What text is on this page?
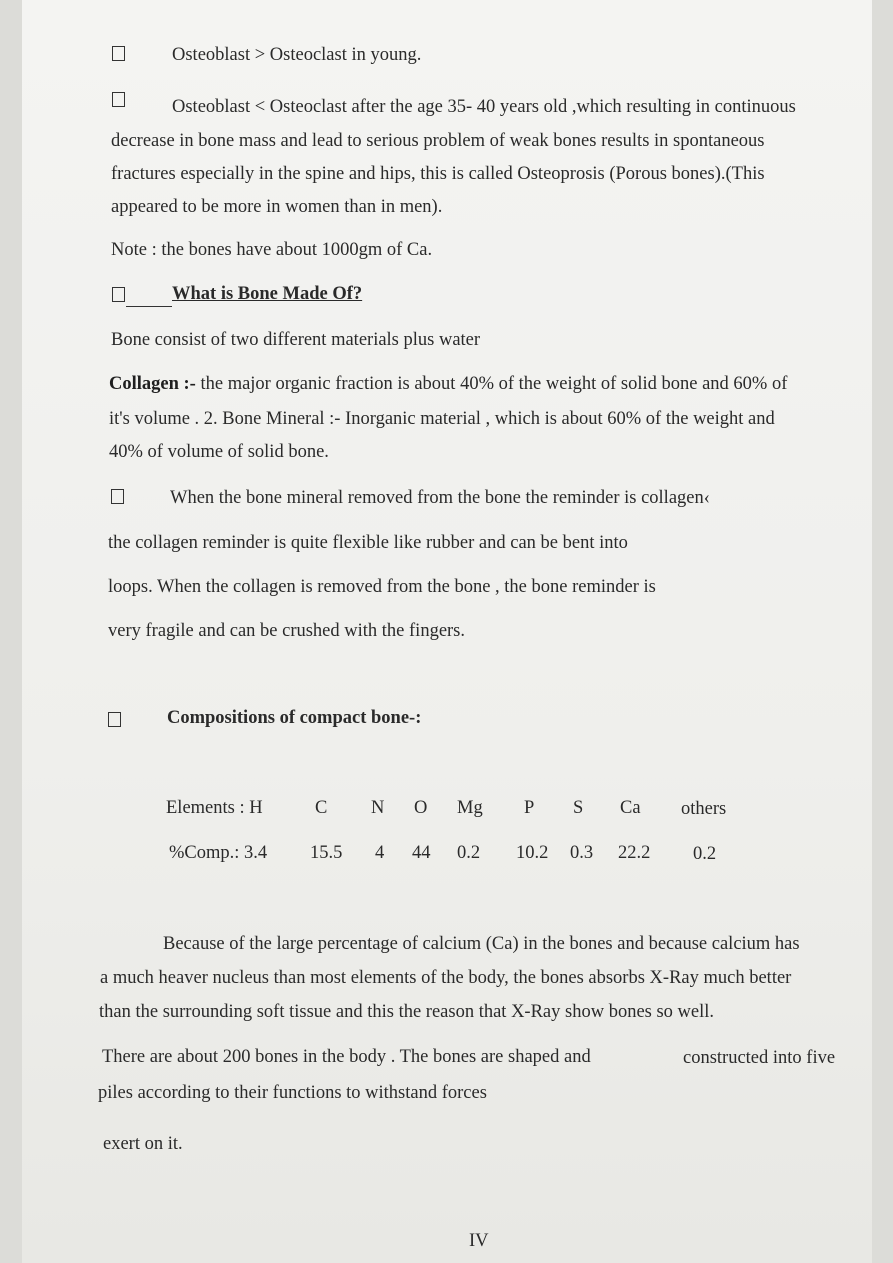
Osteoblast > Osteoclast in young.
Osteoblast < Osteoclast after the age 35- 40 years old ,which resulting in continuous
decrease in bone mass and lead to serious problem of weak bones results in spontaneous
fractures especially in the spine and hips, this is called Osteoprosis (Porous bones).(This
appeared to be more in women than in men).
Note : the bones have about 1000gm of Ca.
What is Bone Made Of?
Bone consist of two different materials plus water
Collagen :- the major organic fraction is about 40% of the weight of solid bone and 60% of
it's volume . 2. Bone Mineral :- Inorganic material , which is about 60% of the weight and
40% of volume of solid bone.
When the bone mineral removed from the bone the reminder is collagen‹
the collagen reminder is quite flexible like rubber and can be bent into
loops. When the collagen is removed from the bone , the bone reminder is
very fragile and can be crushed with the fingers.
Compositions of compact bone-:
Elements : H	C N O Mg P S Ca others
%Comp.: 3.4 15.5 4 44 0.2 10.2 0.3 22.2 0.2
Because of the large percentage of calcium (Ca) in the bones and because calcium has
a much heaver nucleus than most elements of the body, the bones absorbs X-Ray much better
than the surrounding soft tissue and this the reason that X-Ray show bones so well.
There are about 200 bones in the body . The bones are shaped and	constructed into five
piles according to their functions to withstand forces
exert on it.
IV
